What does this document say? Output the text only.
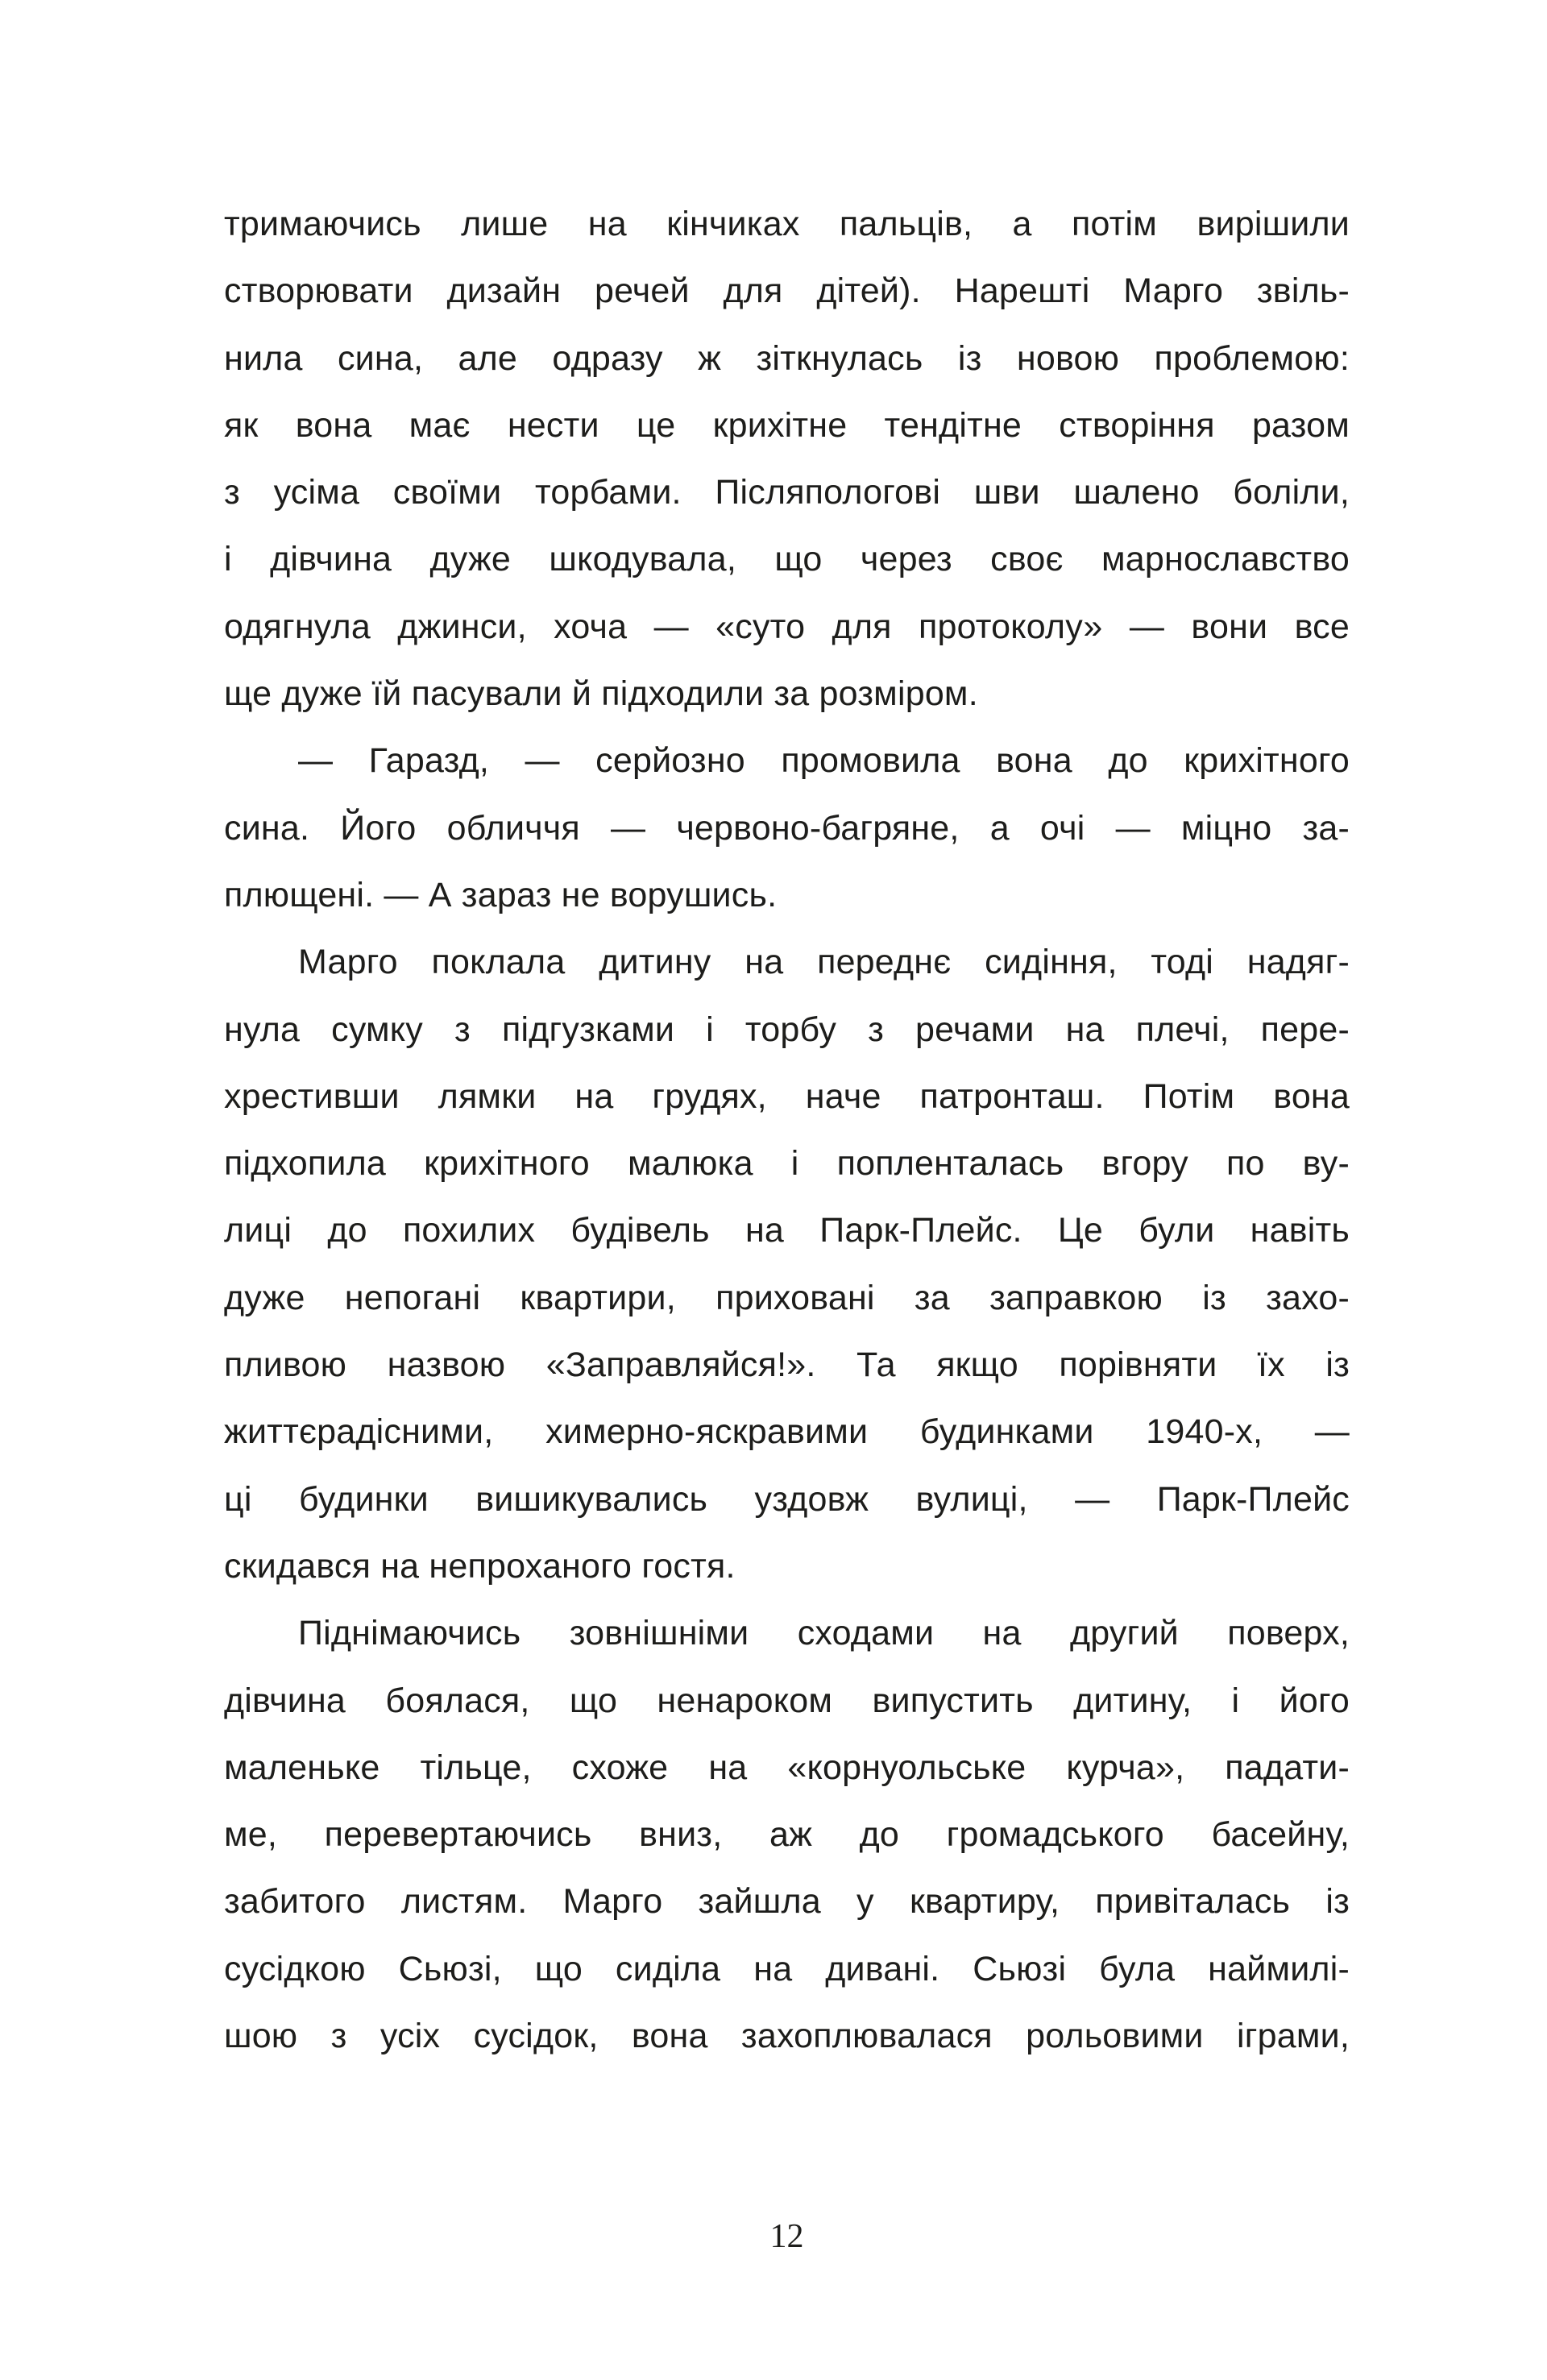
тримаючись лише на кінчиках пальців, а потім вирішили
створювати дизайн речей для дітей). Нарешті Марго звіль-
нила сина, але одразу ж зіткнулась із новою проблемою:
як вона має нести це крихітне тендітне створіння разом
з усіма своїми торбами. Післяпологові шви шалено боліли,
і дівчина дуже шкодувала, що через своє марнославство
одягнула джинси, хоча — «суто для протоколу» — вони все
ще дуже їй пасували й підходили за розміром.

— Гаразд, — серйозно промовила вона до крихітного
сина. Його обличчя — червоно-багряне, а очі — міцно за-
плющені. — А зараз не ворушись.

Марго поклала дитину на переднє сидіння, тоді надяг-
нула сумку з підгузками і торбу з речами на плечі, пере-
хрестивши лямки на грудях, наче патронташ. Потім вона
підхопила крихітного малюка і попленталась вгору по ву-
лиці до похилих будівель на Парк-Плейс. Це були навіть
дуже непогані квартири, приховані за заправкою із захо-
пливою назвою «Заправляйся!». Та якщо порівняти їх із
життєрадісними, химерно-яскравими будинками 1940-х, —
ці будинки вишикувались уздовж вулиці, — Парк-Плейс
скидався на непроханого гостя.

Піднімаючись зовнішніми сходами на другий поверх,
дівчина боялася, що ненароком випустить дитину, і його
маленьке тільце, схоже на «корнуольське курча», падати-
ме, перевертаючись вниз, аж до громадського басейну,
забитого листям. Марго зайшла у квартиру, привіталась із
сусідкою Сьюзі, що сиділа на дивані. Сьюзі була наймилі-
шою з усіх сусідок, вона захоплювалася рольовими іграми,

12
